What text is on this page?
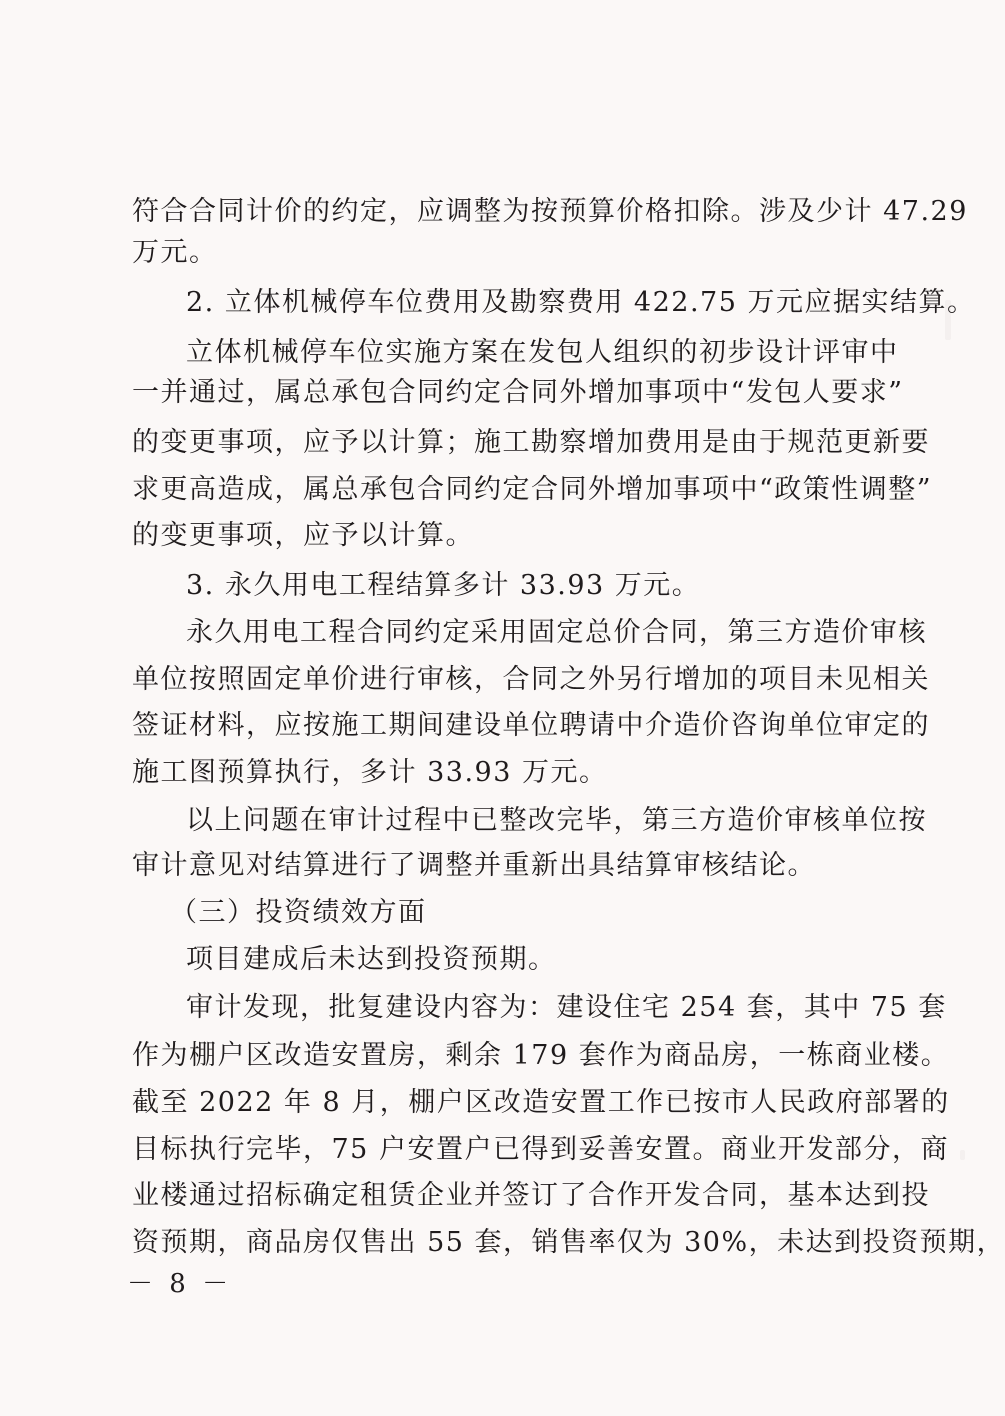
符合合同计价的约定，应调整为按预算价格扣除。涉及少计 47.29
万元。
2. 立体机械停车位费用及勘察费用 422.75 万元应据实结算。
立体机械停车位实施方案在发包人组织的初步设计评审中
一并通过，属总承包合同约定合同外增加事项中“发包人要求”
的变更事项，应予以计算；施工勘察增加费用是由于规范更新要
求更高造成，属总承包合同约定合同外增加事项中“政策性调整”
的变更事项，应予以计算。
3. 永久用电工程结算多计 33.93 万元。
永久用电工程合同约定采用固定总价合同，第三方造价审核
单位按照固定单价进行审核，合同之外另行增加的项目未见相关
签证材料，应按施工期间建设单位聘请中介造价咨询单位审定的
施工图预算执行，多计 33.93 万元。
以上问题在审计过程中已整改完毕，第三方造价审核单位按
审计意见对结算进行了调整并重新出具结算审核结论。
（三）投资绩效方面
项目建成后未达到投资预期。
审计发现，批复建设内容为：建设住宅 254 套，其中 75 套
作为棚户区改造安置房，剩余 179 套作为商品房，一栋商业楼。
截至 2022 年 8 月，棚户区改造安置工作已按市人民政府部署的
目标执行完毕，75 户安置户已得到妥善安置。商业开发部分，商
业楼通过招标确定租赁企业并签订了合作开发合同，基本达到投
资预期，商品房仅售出 55 套，销售率仅为 30%，未达到投资预期，
－ 8 －
